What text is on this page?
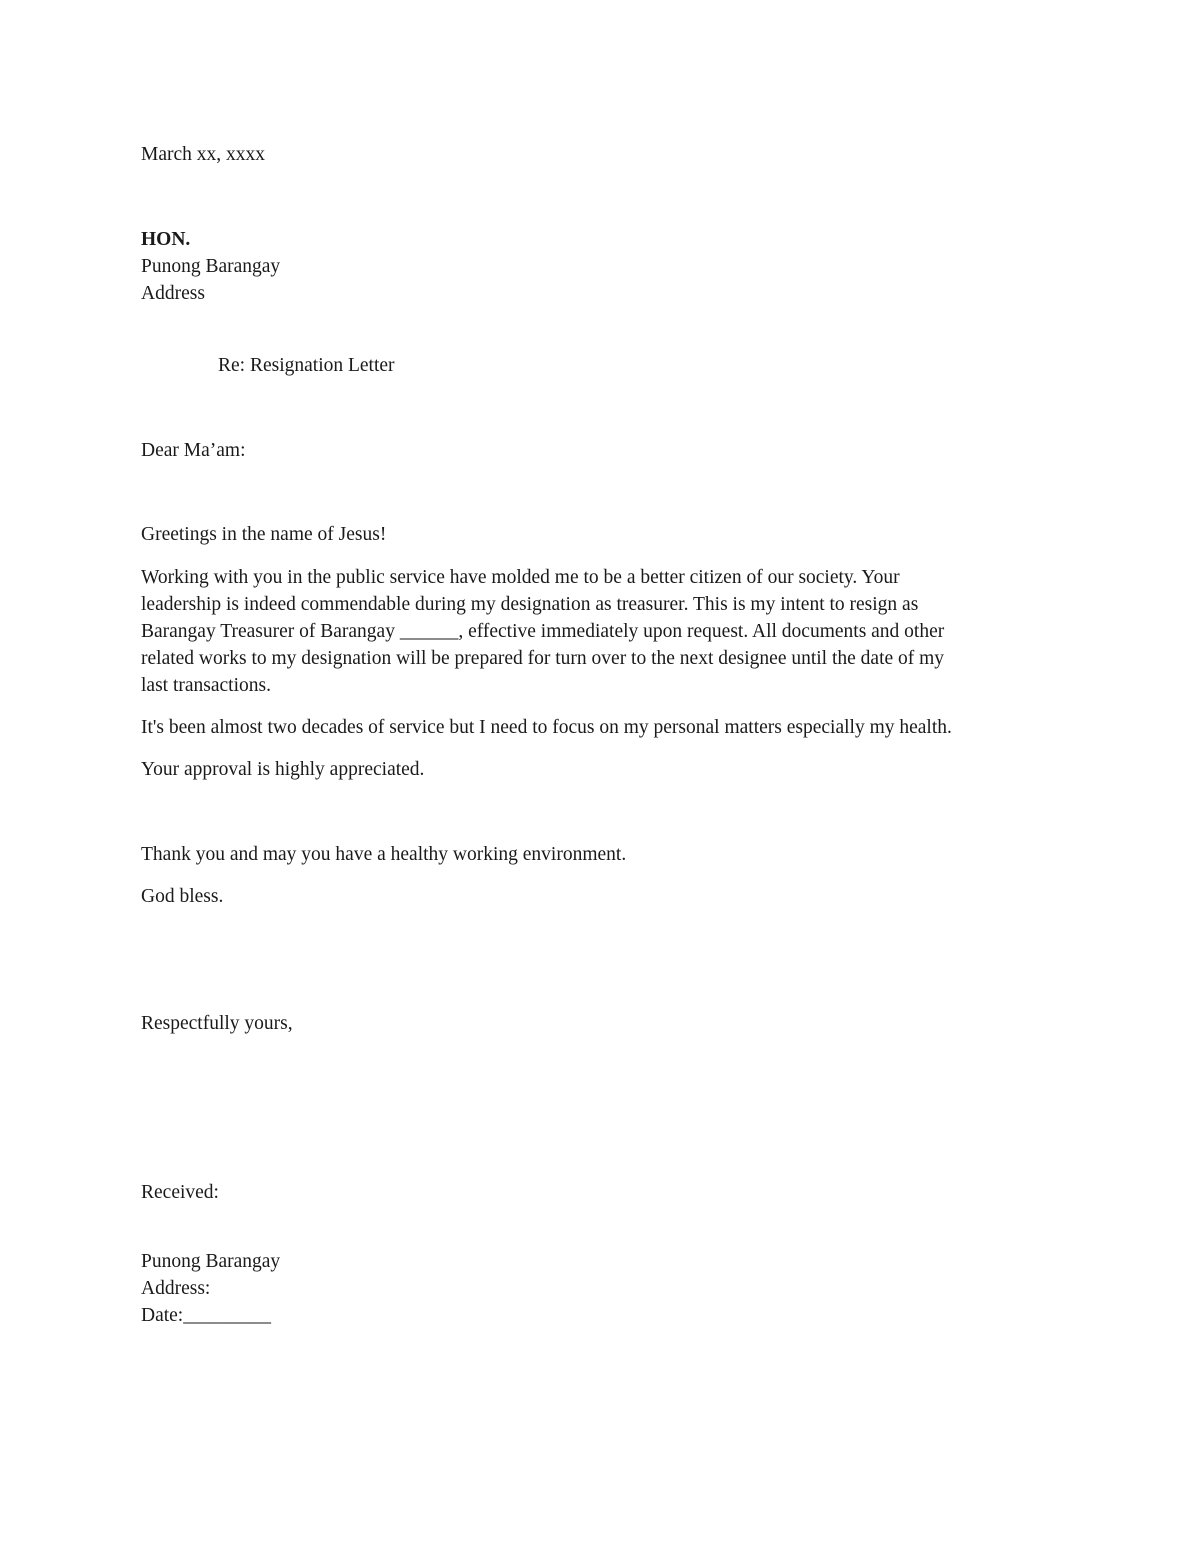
March xx, xxxx
HON.
Punong Barangay
Address
Re: Resignation Letter
Dear Ma’am:
Greetings in the name of Jesus!
Working with you in the public service have molded me to be a better citizen of our society. Your
leadership is indeed commendable during my designation as treasurer. This is my intent to resign as
Barangay Treasurer of Barangay ______, effective immediately upon request. All documents and other
related works to my designation will be prepared for turn over to the next designee until the date of my
last transactions.
It's been almost two decades of service but I need to focus on my personal matters especially my health.
Your approval is highly appreciated.
Thank you and may you have a healthy working environment.
God bless.
Respectfully yours,
Received:
Punong Barangay
Address:
Date:_________
